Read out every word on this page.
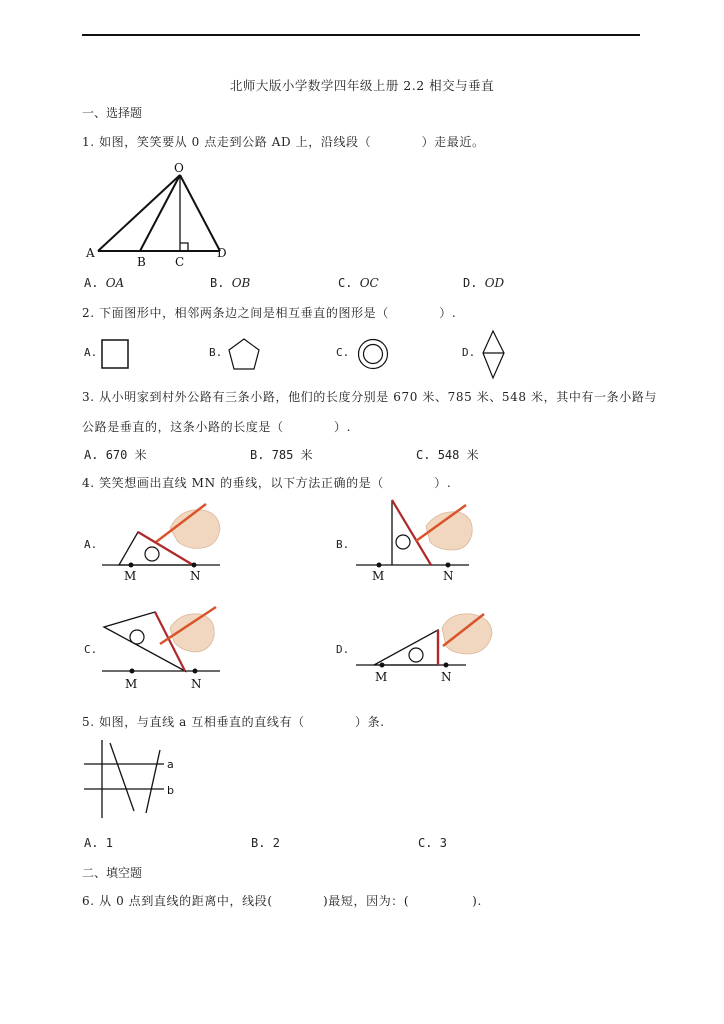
北师大版小学数学四年级上册 2.2 相交与垂直
一、选择题
1. 如图，笑笑要从 0 点走到公路 AD 上，沿线段（　　　　）走最近。
O
A
B C
D
A. OA	B. OB	C. OC	D. OD
2. 下面图形中，相邻两条边之间是相互垂直的图形是（　　　　）.
A.	B.	C.	D.
3. 从小明家到村外公路有三条小路，他们的长度分别是 670 米、785 米、548 米，其中有一条小路与
公路是垂直的，这条小路的长度是（　　　　）.
A. 670 米	B. 785 米	C. 548 米
4. 笑笑想画出直线 MN 的垂线，以下方法正确的是（　　　　）.
A.
M	N
B.
M	N
C.
M	N
D.
M	N
5. 如图，与直线 a 互相垂直的直线有（　　　　）条.
a
b
A. 1	B. 2	C. 3
二、填空题
6. 从 0 点到直线的距离中，线段(　　　　)最短，因为：(　　　　　).
